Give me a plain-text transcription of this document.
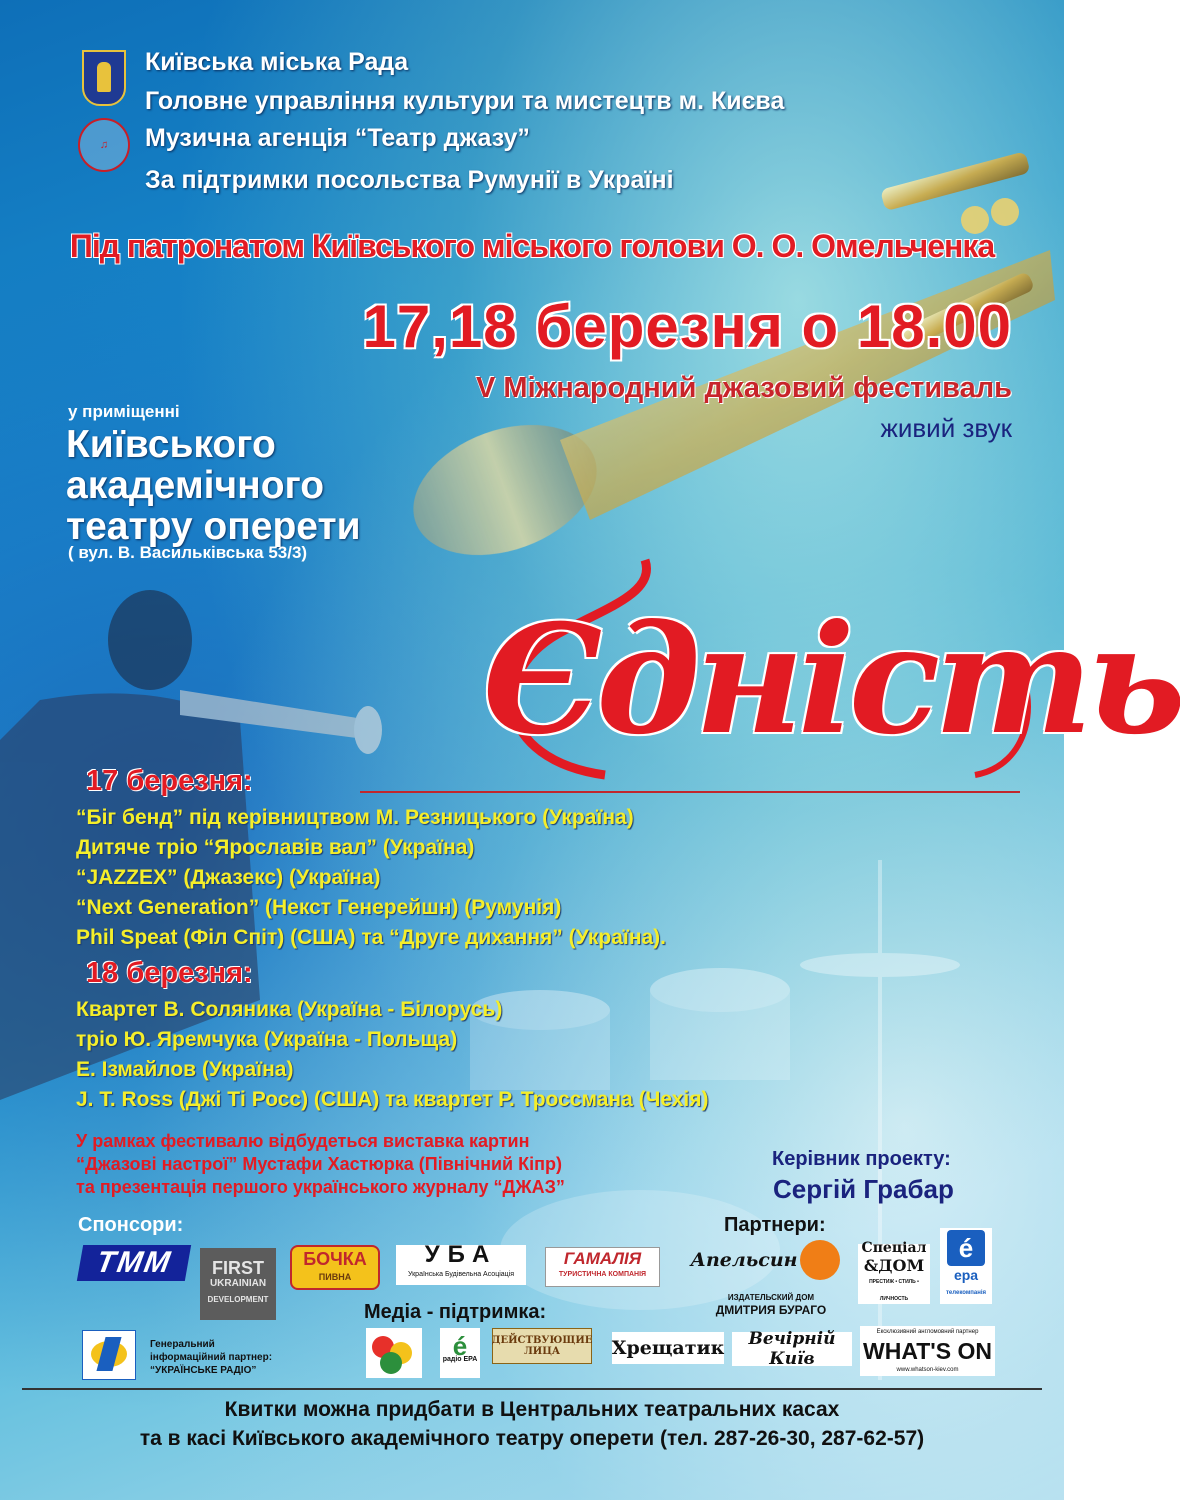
♫
Київська міська Рада
Головне управління культури та мистецтв м. Києва
Музична агенція “Театр джазу”
За підтримки посольства Румунії в Україні
Під патронатом Київського міського голови О. О. Омельченка
17,18 березня о 18.00
V Міжнародний джазовий фестиваль
живий звук
у приміщенні
Київського
академічного
театру оперети
( вул. В. Васильківська 53/3)
Єдність
17 березня:
“Біг бенд” під керівництвом М. Резницького (Україна)
Дитяче тріо “Ярославів вал” (Україна)
“JAZZEX” (Джазекс) (Україна)
“Next Generation” (Некст Генерейшн) (Румунія)
Phil Speat (Філ Спіт) (США) та “Друге дихання” (Україна).
18 березня:
Квартет В. Соляника (Україна - Білорусь)
тріо Ю. Яремчука (Україна - Польща)
Е. Ізмайлов (Україна)
J. T. Ross (Джі Ті Росс) (США) та квартет Р. Троссмана (Чехія)
У рамках фестивалю відбудеться виставка картин
“Джазові настрої” Мустафи Хастюрка (Північний Кіпр)
та презентація першого українського журналу “ДЖАЗ”
Керівник проекту:
Сергій Грабар
Спонсори:
ТММ	FIRST
UKRAINIAN
DEVELOPMENT
БОЧКА
ПИВНА
УБА
Українська Будівельна Асоціація
ГАМАЛІЯ
ТУРИСТИЧНА КОМПАНІЯ
Партнери:
Апельсин
Спецiал
&ДОМ
ПРЕСТИЖ • СТИЛЬ • ЛИЧНОСТЬ
é
ера
телекомпанія
ИЗДАТЕЛЬСКИЙ ДОМ
ДМИТРИЯ БУРАГО
Медіа - підтримка:
é
радіо ЕРА
ДЕЙСТВУЮЩИЕ ЛИЦА	Хрещатик	Вечірній Київ
Ексклюзивний англомовний партнер
WHAT'S ON
www.whatson-kiev.com
Генеральний
інформаційний партнер:
“УКРАЇНСЬКЕ РАДІО”
Квитки можна придбати в Центральних театральних касах
та в касі Київського академічного театру оперети (тел. 287-26-30, 287-62-57)
